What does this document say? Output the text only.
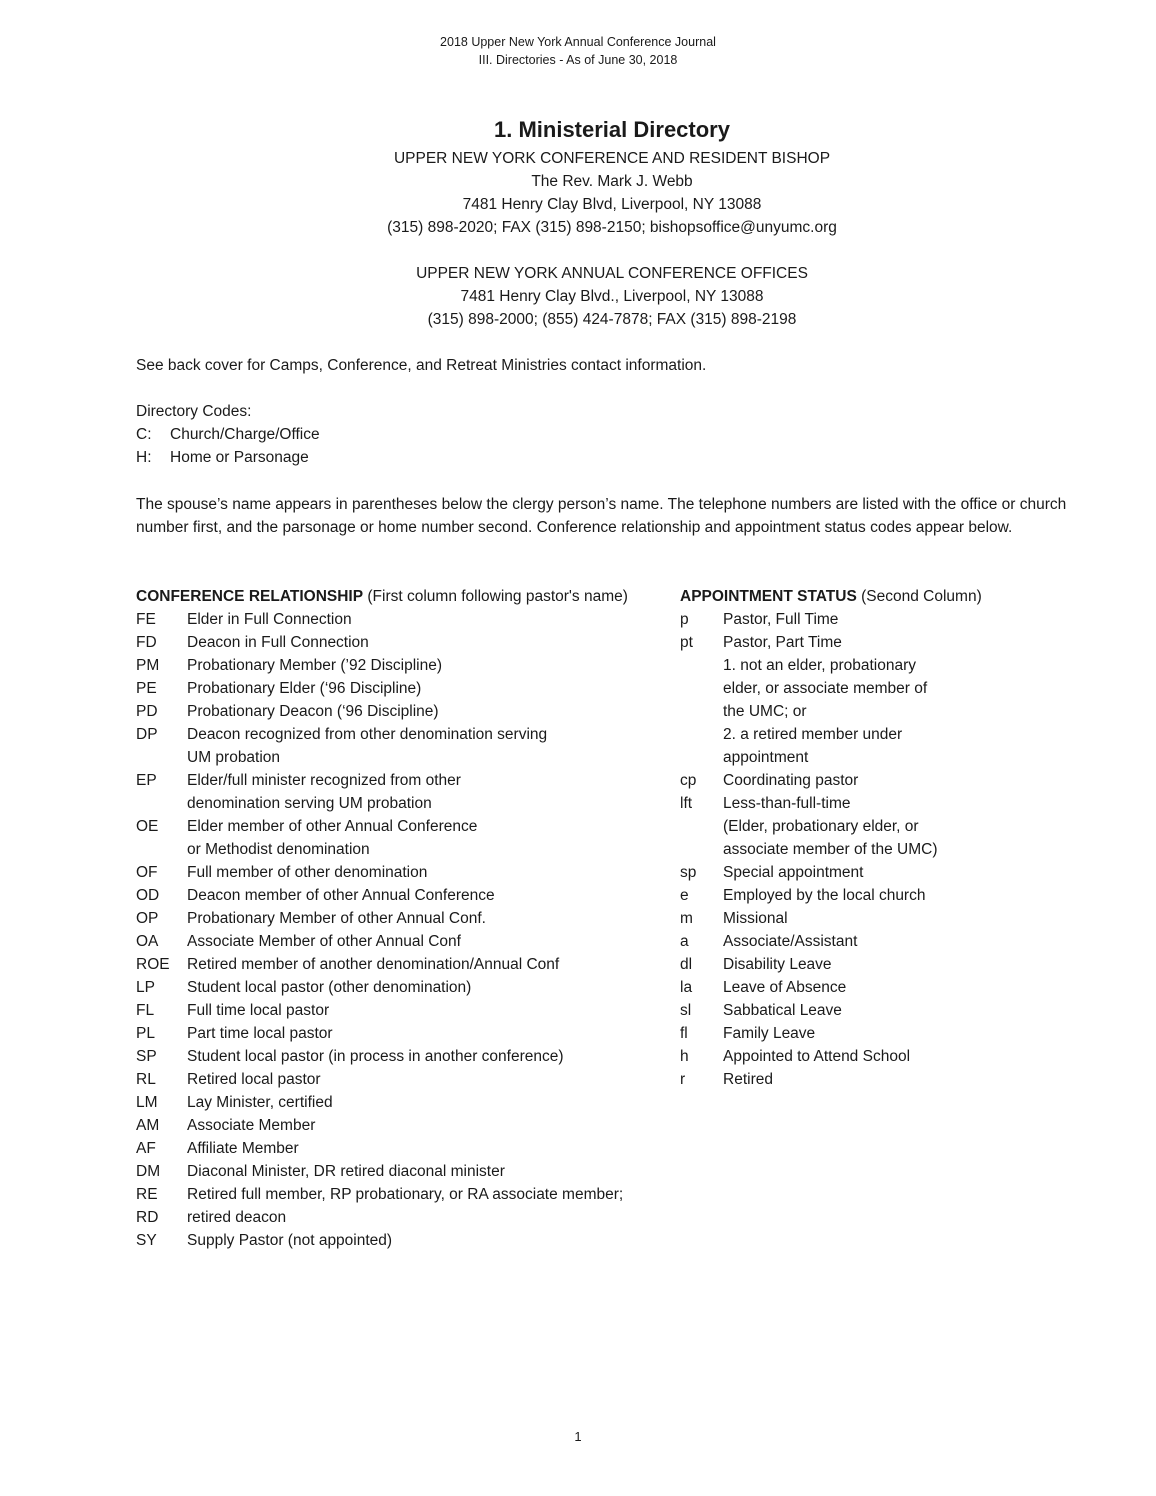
2018 Upper New York Annual Conference Journal
III. Directories - As of June 30, 2018
1. Ministerial Directory
UPPER NEW YORK CONFERENCE AND RESIDENT BISHOP
The Rev. Mark J. Webb
7481 Henry Clay Blvd, Liverpool, NY 13088
(315) 898-2020; FAX (315) 898-2150; bishopsoffice@unyumc.org
UPPER NEW YORK ANNUAL CONFERENCE OFFICES
7481 Henry Clay Blvd., Liverpool, NY 13088
(315) 898-2000; (855) 424-7878; FAX (315) 898-2198
See back cover for Camps, Conference, and Retreat Ministries contact information.
Directory Codes:
C:	Church/Charge/Office
H:	Home or Parsonage
The spouse’s name appears in parentheses below the clergy person’s name. The telephone numbers are listed with the office or church number first, and the parsonage or home number second. Conference relationship and appointment status codes appear below.
CONFERENCE RELATIONSHIP (First column following pastor's name)
FE	Elder in Full Connection
FD	Deacon in Full Connection
PM	Probationary Member (’92 Discipline)
PE	Probationary Elder (‘96 Discipline)
PD	Probationary Deacon (‘96 Discipline)
DP	Deacon recognized from other denomination serving
UM probation
EP	Elder/full minister recognized from other
denomination serving UM probation
OE	Elder member of other Annual Conference
or Methodist denomination
OF	Full member of other denomination
OD	Deacon member of other Annual Conference
OP	Probationary Member of other Annual Conf.
OA	Associate Member of other Annual Conf
ROE	Retired member of another denomination/Annual Conf
LP	Student local pastor (other denomination)
FL	Full time local pastor
PL	Part time local pastor
SP	Student local pastor (in process in another conference)
RL	Retired local pastor
LM	Lay Minister, certified
AM	Associate Member
AF	Affiliate Member
DM	Diaconal Minister, DR retired diaconal minister
RE	Retired full member, RP probationary, or RA associate member;
RD	retired deacon
SY	Supply Pastor (not appointed)
APPOINTMENT STATUS (Second Column)
p	Pastor, Full Time
pt	Pastor, Part Time
1. not an elder, probationary
elder, or associate member of
the UMC; or
2. a retired member under
appointment
cp	Coordinating pastor
lft	Less-than-full-time
(Elder, probationary elder, or
associate member of the UMC)
sp	Special appointment
e	Employed by the local church
m	Missional
a	Associate/Assistant
dl	Disability Leave
la	Leave of Absence
sl	Sabbatical Leave
fl	Family Leave
h	Appointed to Attend School
r	Retired
1
